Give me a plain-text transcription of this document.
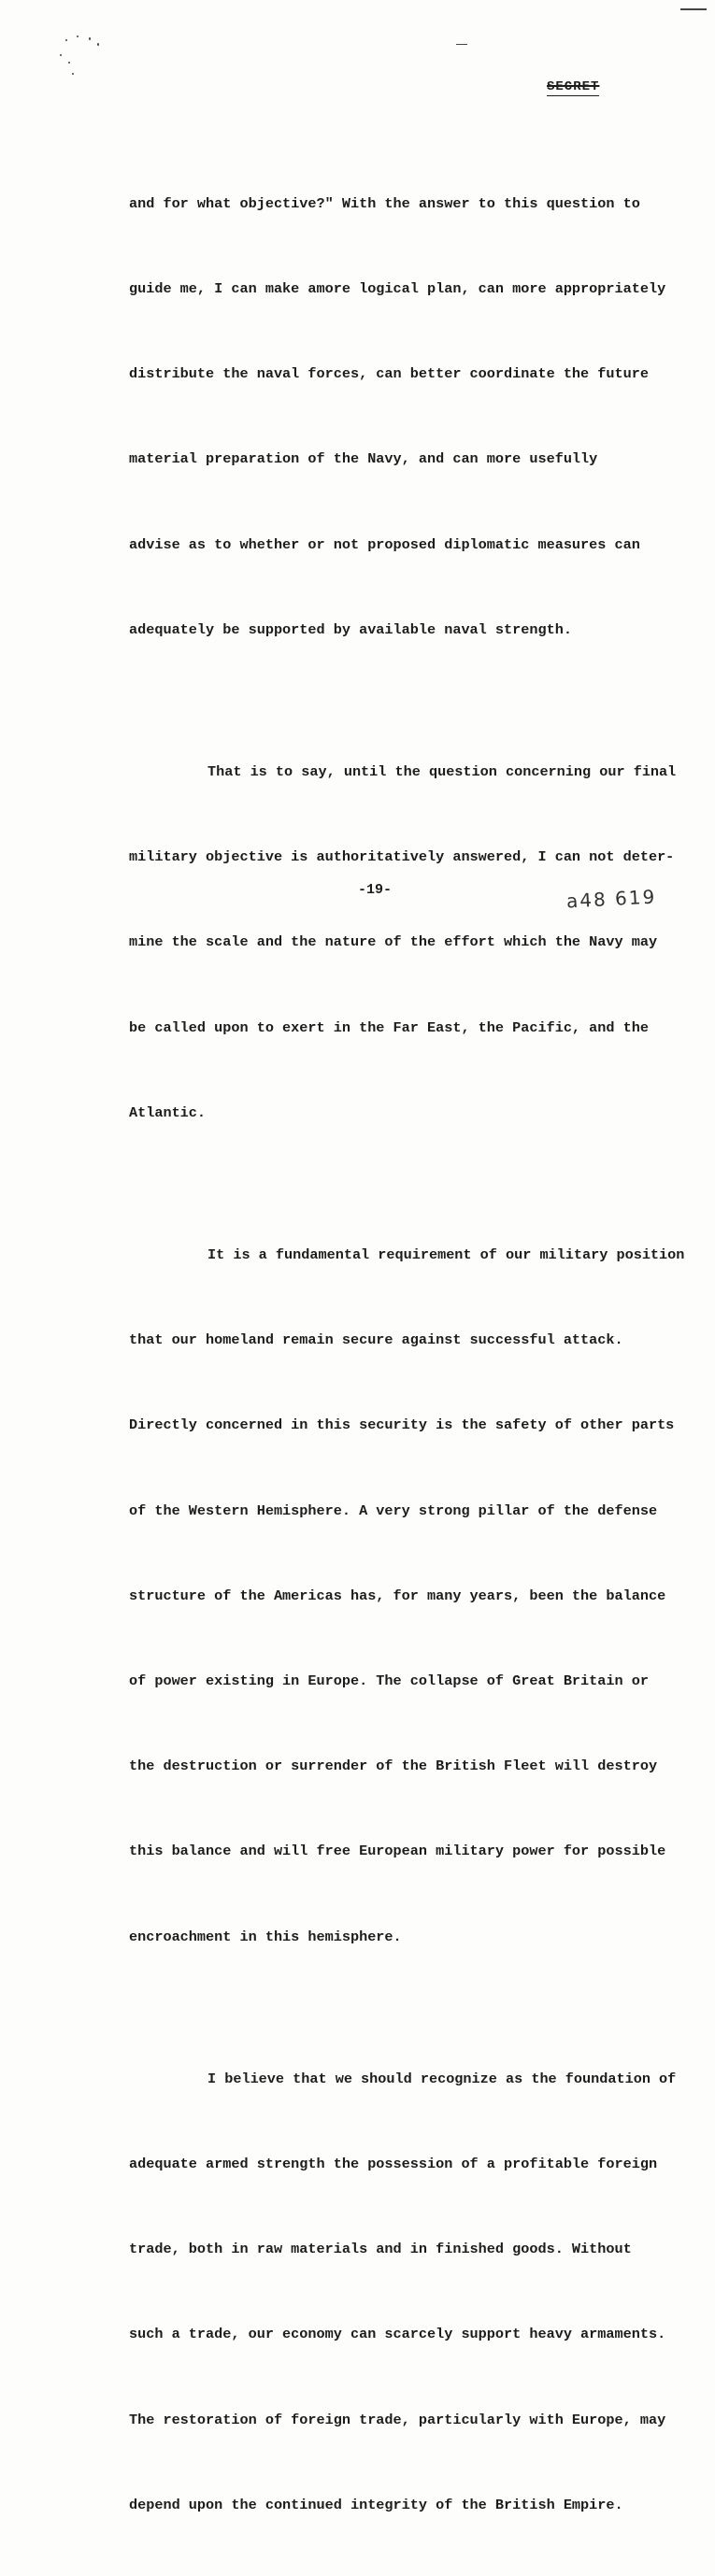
SECRET

and for what objective?" With the answer to this question to

guide me, I can make amore logical plan, can more appropriately

distribute the naval forces, can better coordinate the future

material preparation of the Navy, and can more usefully

advise as to whether or not proposed diplomatic measures can

adequately be supported by available naval strength.

That is to say, until the question concerning our final

military objective is authoritatively answered, I can not deter-

mine the scale and the nature of the effort which the Navy may

be called upon to exert in the Far East, the Pacific, and the

Atlantic.

It is a fundamental requirement of our military position

that our homeland remain secure against successful attack.

Directly concerned in this security is the safety of other parts

of the Western Hemisphere. A very strong pillar of the defense

structure of the Americas has, for many years, been the balance

of power existing in Europe. The collapse of Great Britain or

the destruction or surrender of the British Fleet will destroy

this balance and will free European military power for possible

encroachment in this hemisphere.

I believe that we should recognize as the foundation of

adequate armed strength the possession of a profitable foreign

trade, both in raw materials and in finished goods. Without

such a trade, our economy can scarcely support heavy armaments.

The restoration of foreign trade, particularly with Europe, may

depend upon the continued integrity of the British Empire.

-19-	a48 619
